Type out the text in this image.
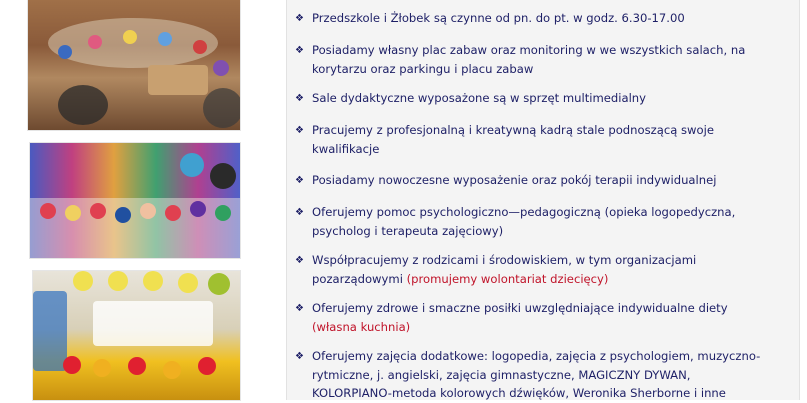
❖ Przedszkole i Żłobek są czynne od pn. do pt. w godz. 6.30-17.00
❖ Posiadamy własny plac zabaw oraz monitoring w we wszystkich salach, na
korytarzu oraz parkingu i placu zabaw
❖ Sale dydaktyczne wyposażone są w sprzęt multimedialny
❖ Pracujemy z profesjonalną i kreatywną kadrą stale podnoszącą swoje
kwalifikacje
❖ Posiadamy nowoczesne wyposażenie oraz pokój terapii indywidualnej
❖ Oferujemy pomoc psychologiczno—pedagogiczną (opieka logopedyczna,
psycholog i terapeuta zajęciowy)
❖ Współpracujemy z rodzicami i środowiskiem, w tym organizacjami
pozarządowymi (promujemy wolontariat dziecięcy)
❖ Oferujemy zdrowe i smaczne posiłki uwzględniające indywidualne diety
(własna kuchnia)
❖ Oferujemy zajęcia dodatkowe: logopedia, zajęcia z psychologiem, muzyczno-
rytmiczne, j. angielski, zajęcia gimnastyczne, MAGICZNY DYWAN,
KOLORPIANO-metoda kolorowych dźwięków, Weronika Sherborne i inne
